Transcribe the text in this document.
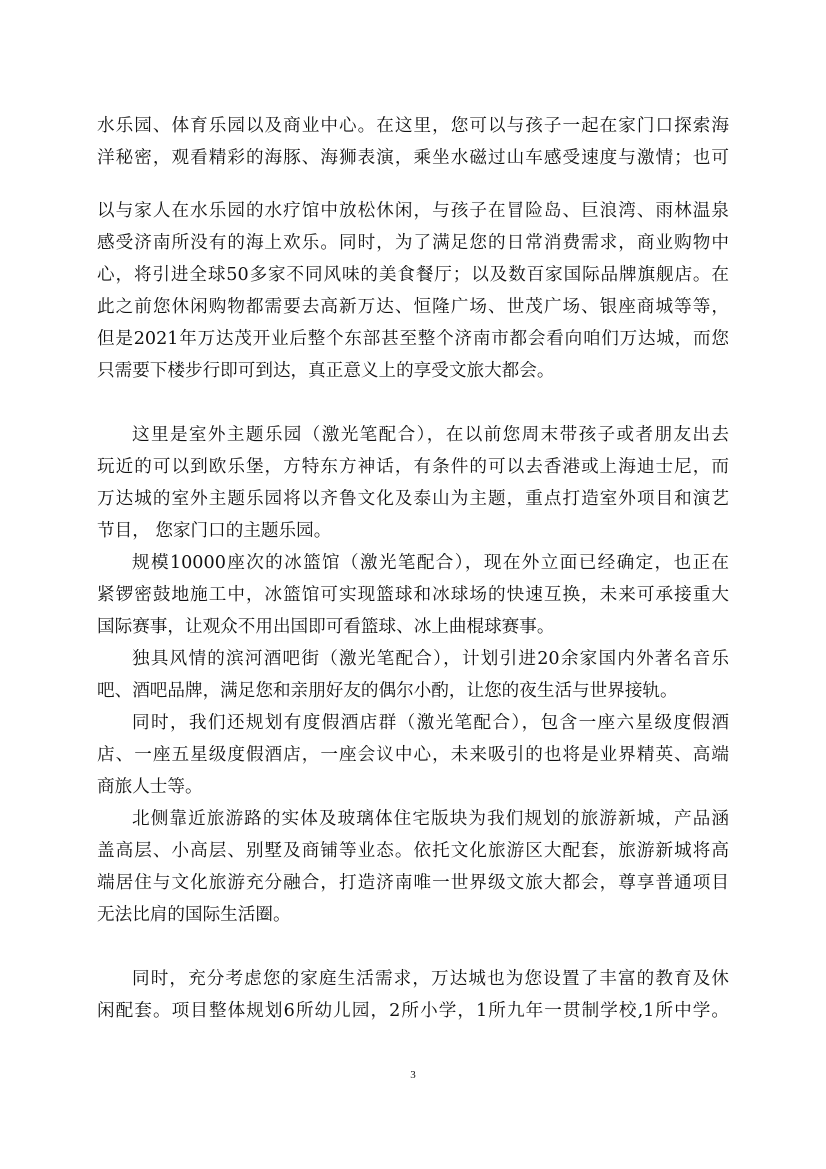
水乐园、体育乐园以及商业中心。在这里，您可以与孩子一起在家门口探索海
洋秘密，观看精彩的海豚、海狮表演，乘坐水磁过山车感受速度与激情；也可
以与家人在水乐园的水疗馆中放松休闲，与孩子在冒险岛、巨浪湾、雨林温泉
感受济南所没有的海上欢乐。同时，为了满足您的日常消费需求，商业购物中
心，将引进全球50多家不同风味的美食餐厅；以及数百家国际品牌旗舰店。在
此之前您休闲购物都需要去高新万达、恒隆广场、世茂广场、银座商城等等，
但是2021年万达茂开业后整个东部甚至整个济南市都会看向咱们万达城，而您
只需要下楼步行即可到达，真正意义上的享受文旅大都会。
这里是室外主题乐园（激光笔配合），在以前您周末带孩子或者朋友出去
玩近的可以到欧乐堡，方特东方神话，有条件的可以去香港或上海迪士尼，而
万达城的室外主题乐园将以齐鲁文化及泰山为主题，重点打造室外项目和演艺
节目， 您家门口的主题乐园。
规模10000座次的冰篮馆（激光笔配合），现在外立面已经确定，也正在
紧锣密鼓地施工中，冰篮馆可实现篮球和冰球场的快速互换，未来可承接重大
国际赛事，让观众不用出国即可看篮球、冰上曲棍球赛事。
独具风情的滨河酒吧街（激光笔配合），计划引进20余家国内外著名音乐
吧、酒吧品牌，满足您和亲朋好友的偶尔小酌，让您的夜生活与世界接轨。
同时，我们还规划有度假酒店群（激光笔配合），包含一座六星级度假酒
店、一座五星级度假酒店，一座会议中心，未来吸引的也将是业界精英、高端
商旅人士等。
北侧靠近旅游路的实体及玻璃体住宅版块为我们规划的旅游新城，产品涵
盖高层、小高层、别墅及商铺等业态。依托文化旅游区大配套，旅游新城将高
端居住与文化旅游充分融合，打造济南唯一世界级文旅大都会，尊享普通项目
无法比肩的国际生活圈。
同时，充分考虑您的家庭生活需求，万达城也为您设置了丰富的教育及休
闲配套。项目整体规划6所幼儿园，2所小学，1所九年一贯制学校,1所中学。
3
